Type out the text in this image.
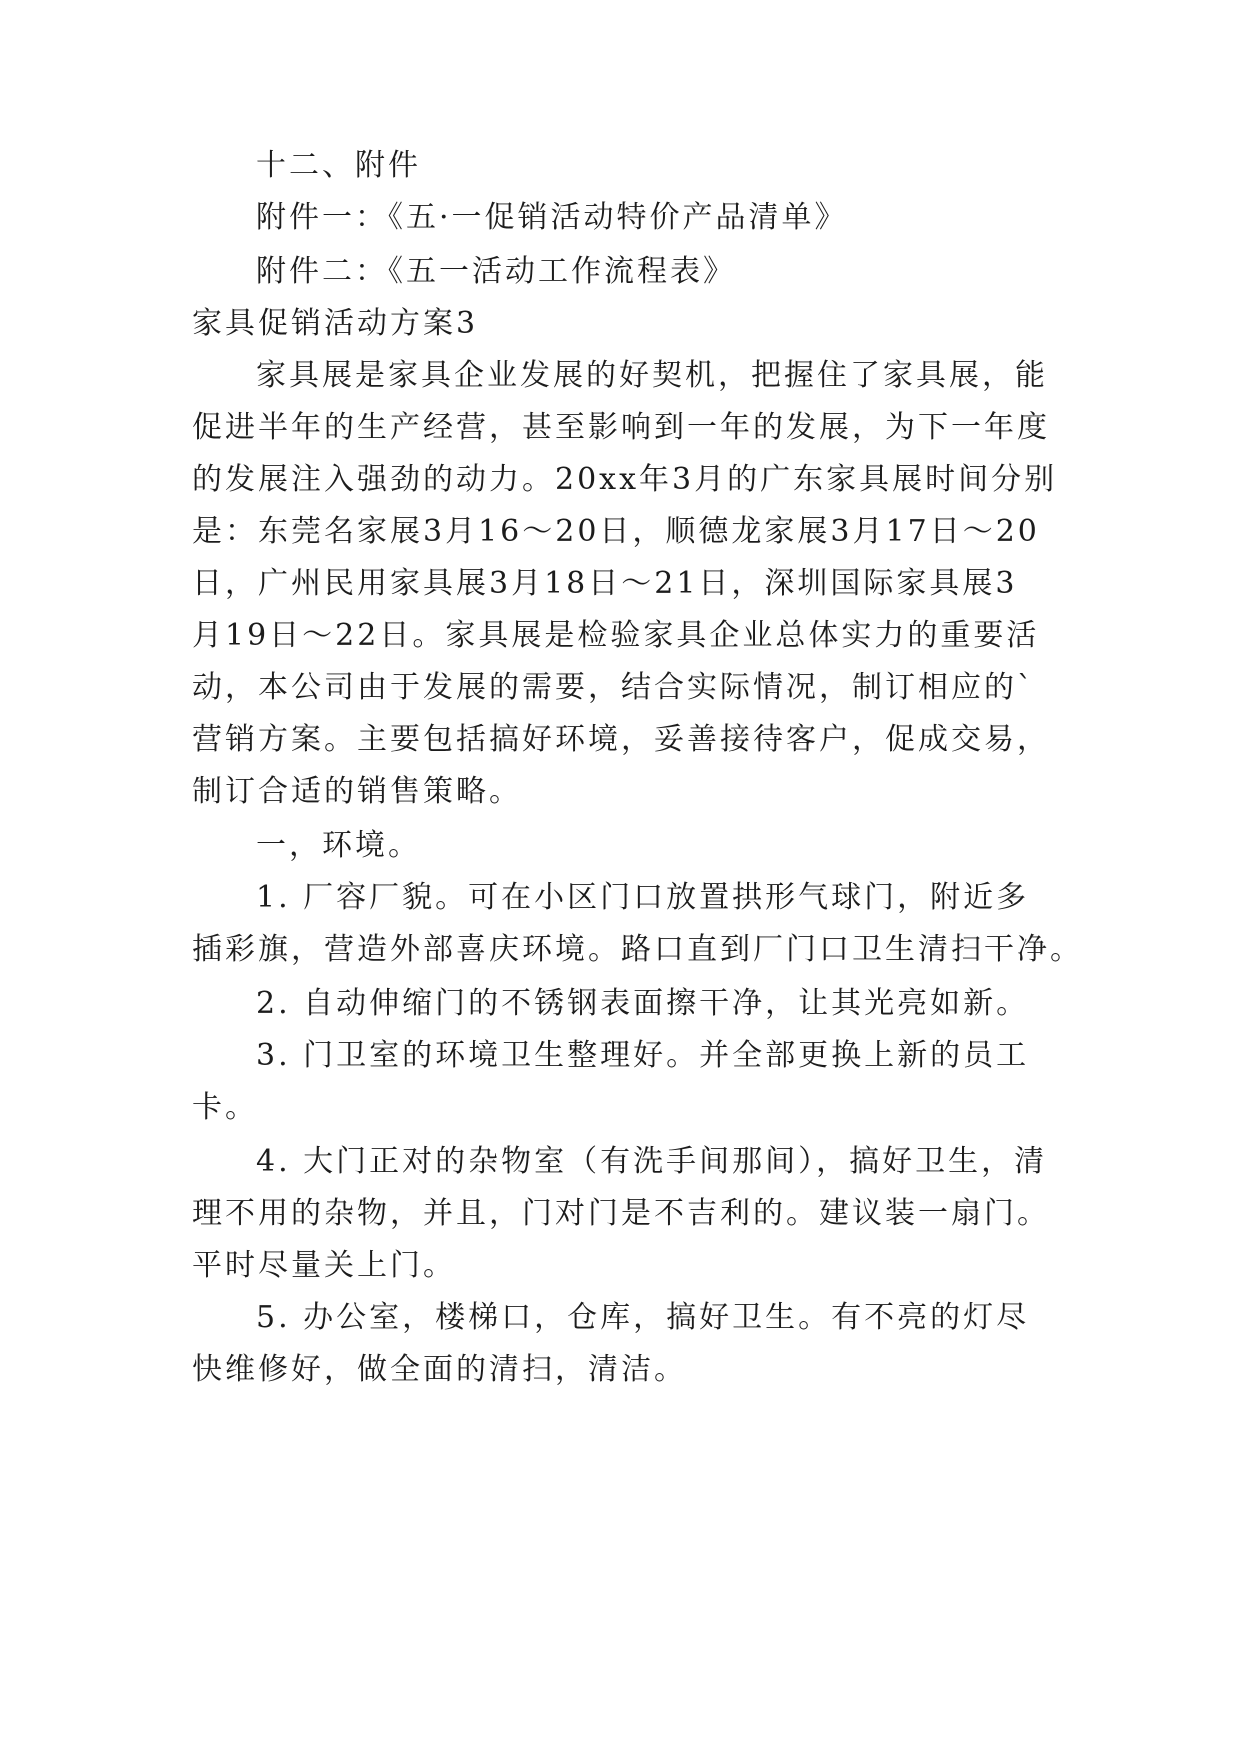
十二、附件
附件一：《五·一促销活动特价产品清单》
附件二：《五一活动工作流程表》
家具促销活动方案3
家具展是家具企业发展的好契机，把握住了家具展，能
促进半年的生产经营，甚至影响到一年的发展，为下一年度
的发展注入强劲的动力。20xx年3月的广东家具展时间分别
是：东莞名家展3月16～20日，顺德龙家展3月17日～20
日，广州民用家具展3月18日～21日，深圳国际家具展3
月19日～22日。家具展是检验家具企业总体实力的重要活
动，本公司由于发展的需要，结合实际情况，制订相应的`
营销方案。主要包括搞好环境，妥善接待客户，促成交易，
制订合适的销售策略。
一，环境。
1. 厂容厂貌。可在小区门口放置拱形气球门，附近多
插彩旗，营造外部喜庆环境。路口直到厂门口卫生清扫干净。
2. 自动伸缩门的不锈钢表面擦干净，让其光亮如新。
3. 门卫室的环境卫生整理好。并全部更换上新的员工
卡。
4. 大门正对的杂物室（有洗手间那间），搞好卫生，清
理不用的杂物，并且，门对门是不吉利的。建议装一扇门。
平时尽量关上门。
5. 办公室，楼梯口，仓库，搞好卫生。有不亮的灯尽
快维修好，做全面的清扫，清洁。
